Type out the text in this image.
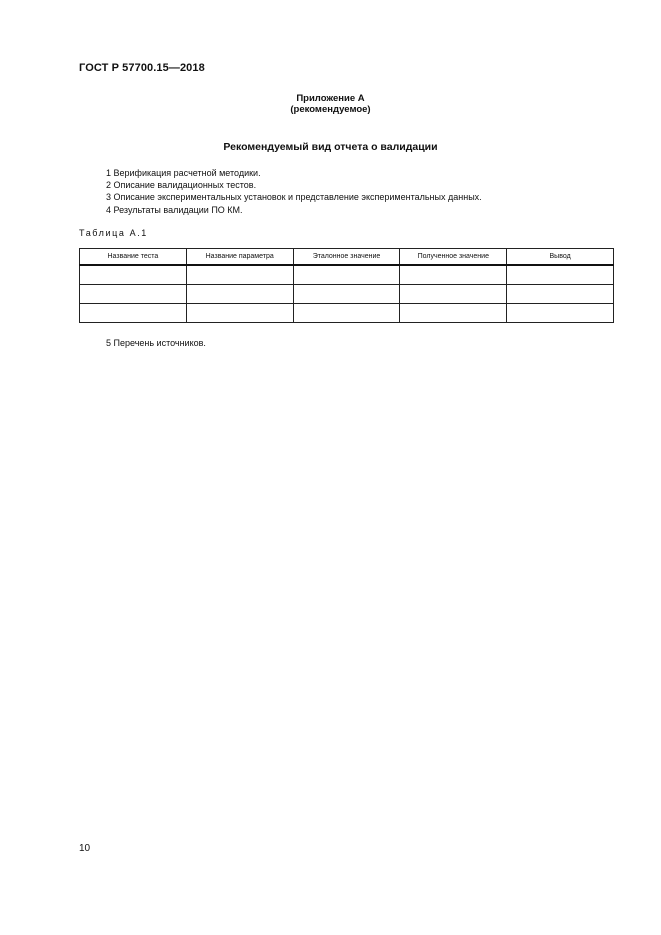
ГОСТ Р 57700.15—2018
Приложение А
(рекомендуемое)
Рекомендуемый вид отчета о валидации
1 Верификация расчетной методики.
2 Описание валидационных тестов.
3 Описание экспериментальных установок и представление экспериментальных данных.
4 Результаты валидации ПО КМ.
Таблица А.1
Название теста	Название параметра	Эталонное значение	Полученное значение	Вывод

5 Перечень источников.
10
